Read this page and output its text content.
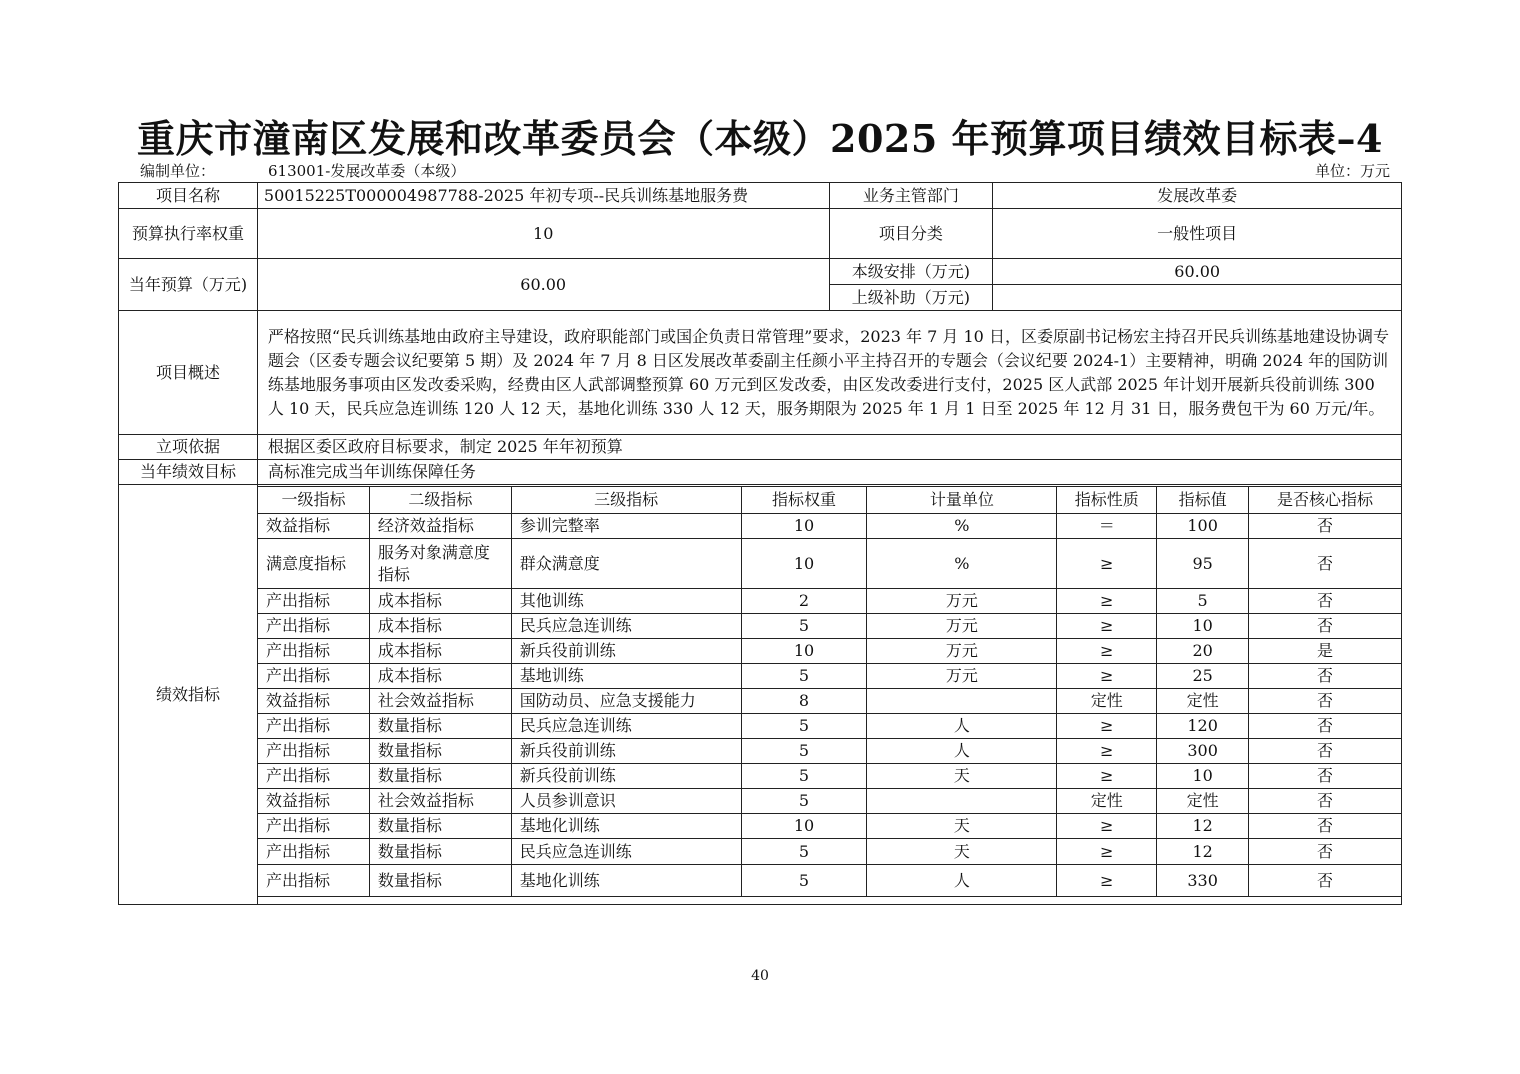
重庆市潼南区发展和改革委员会（本级）2025 年预算项目绩效目标表–4
编制单位：	613001-发展改革委（本级）	单位：万元
项目名称	50015225T000004987788-2025 年初专项--民兵训练基地服务费	业务主管部门	发展改革委
预算执行率权重	10	项目分类	一般性项目
当年预算（万元)	60.00	本级安排（万元)	60.00
		上级补助（万元)	
项目概述	严格按照“民兵训练基地由政府主导建设，政府职能部门或国企负责日常管理”要求，2023 年 7 月 10 日，区委原副书记杨宏主持召开民兵训练基地建设协调专题会（区委专题会议纪要第 5 期）及 2024 年 7 月 8 日区发展改革委副主任颜小平主持召开的专题会（会议纪要 2024-1）主要精神，明确 2024 年的国防训练基地服务事项由区发改委采购，经费由区人武部调整预算 60 万元到区发改委，由区发改委进行支付，2025 区人武部 2025 年计划开展新兵役前训练 300 人 10 天，民兵应急连训练 120 人 12 天，基地化训练 330 人 12 天，服务期限为 2025 年 1 月 1 日至 2025 年 12 月 31 日，服务费包干为 60 万元/年。		
立项依据	根据区委区政府目标要求，制定 2025 年年初预算		
当年绩效目标	高标准完成当年训练保障任务		
绩效指标			
一级指标	二级指标	三级指标	指标权重	计量单位	指标性质	指标值	是否核心指标
效益指标	经济效益指标	参训完整率	10	%	＝	100	否
满意度指标	服务对象满意度指标	群众满意度	10	%	≥	95	否
产出指标	成本指标	其他训练	2	万元	≥	5	否
产出指标	成本指标	民兵应急连训练	5	万元	≥	10	否
产出指标	成本指标	新兵役前训练	10	万元	≥	20	是
产出指标	成本指标	基地训练	5	万元	≥	25	否
效益指标	社会效益指标	国防动员、应急支援能力	8		定性	定性	否
产出指标	数量指标	民兵应急连训练	5	人	≥	120	否
产出指标	数量指标	新兵役前训练	5	人	≥	300	否
产出指标	数量指标	新兵役前训练	5	天	≥	10	否
效益指标	社会效益指标	人员参训意识	5		定性	定性	否
产出指标	数量指标	基地化训练	10	天	≥	12	否
产出指标	数量指标	民兵应急连训练	5	天	≥	12	否
产出指标	数量指标	基地化训练	5	人	≥	330	否
40
